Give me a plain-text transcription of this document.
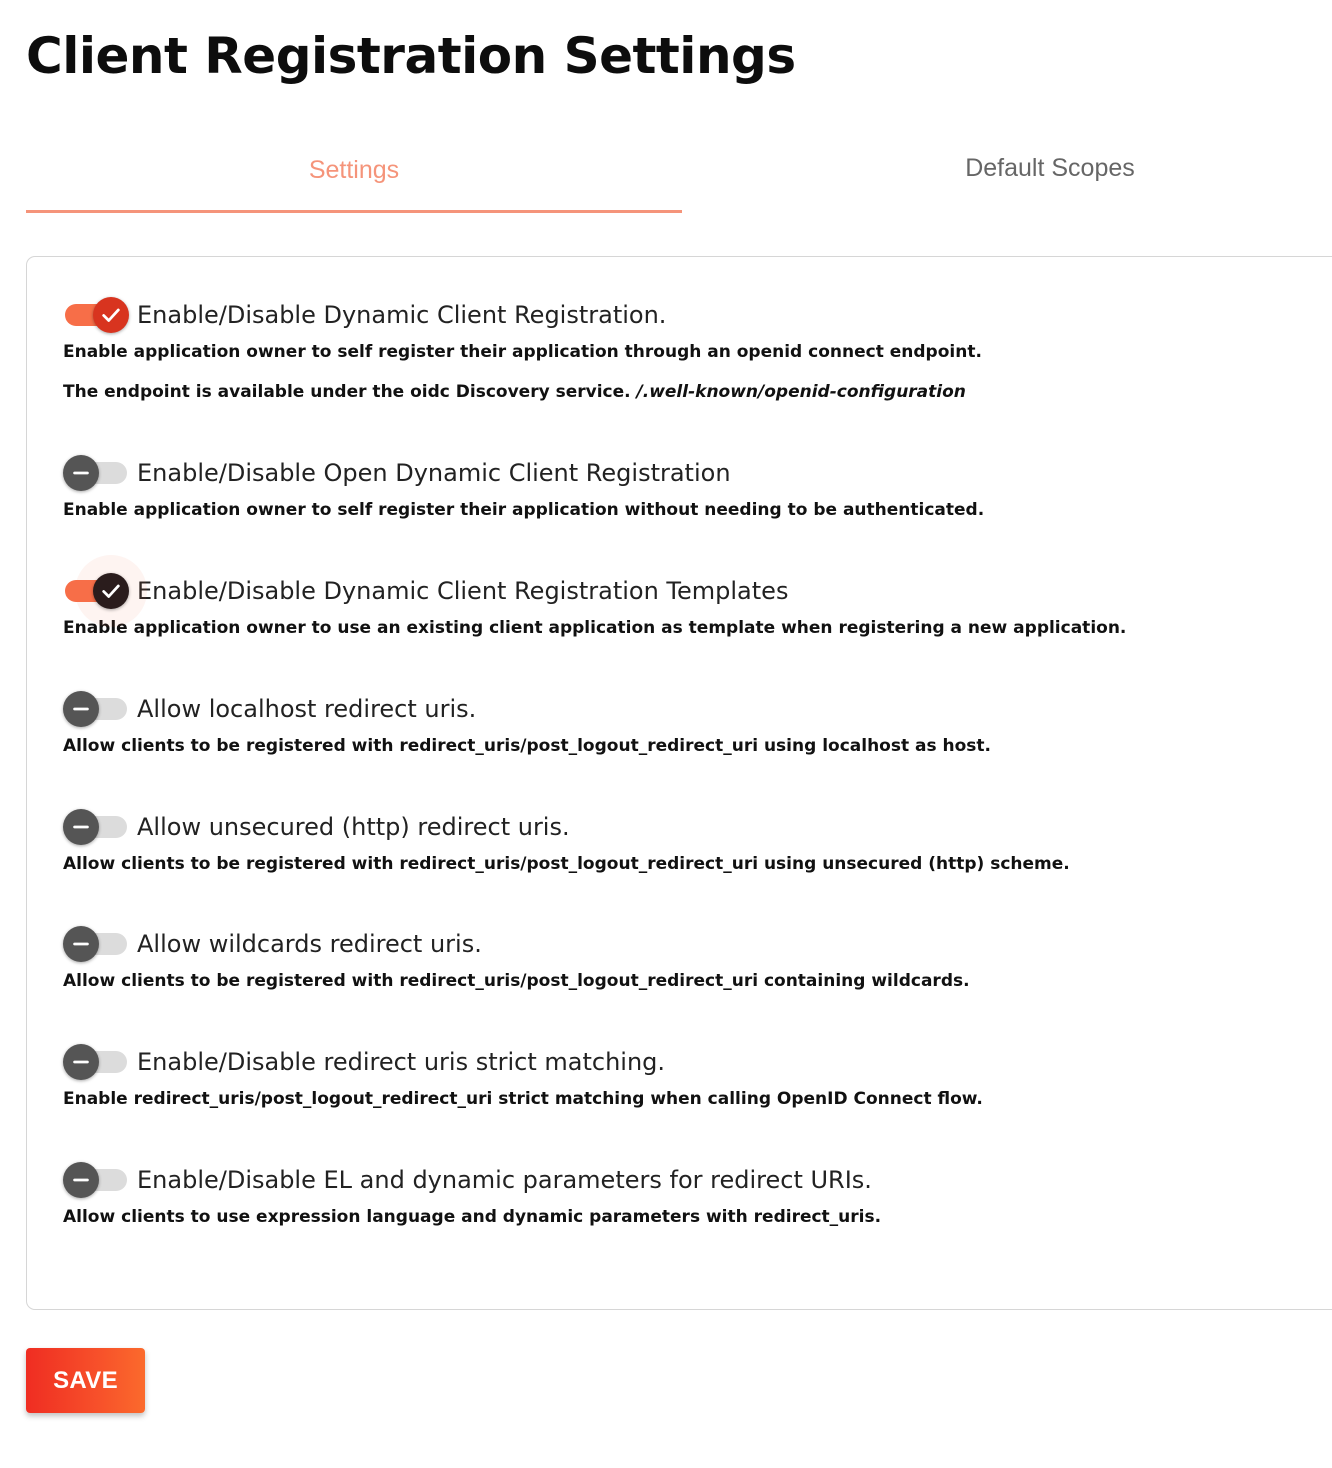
Client Registration Settings
Settings	Default Scopes
Enable/Disable Dynamic Client Registration.

Enable application owner to self register their application through an openid connect endpoint.

The endpoint is available under the oidc Discovery service. /.well-known/openid-configuration

Enable/Disable Open Dynamic Client Registration

Enable application owner to self register their application without needing to be authenticated.

Enable/Disable Dynamic Client Registration Templates

Enable application owner to use an existing client application as template when registering a new application.

Allow localhost redirect uris.

Allow clients to be registered with redirect_uris/post_logout_redirect_uri using localhost as host.

Allow unsecured (http) redirect uris.

Allow clients to be registered with redirect_uris/post_logout_redirect_uri using unsecured (http) scheme.

Allow wildcards redirect uris.

Allow clients to be registered with redirect_uris/post_logout_redirect_uri containing wildcards.

Enable/Disable redirect uris strict matching.

Enable redirect_uris/post_logout_redirect_uri strict matching when calling OpenID Connect flow.

Enable/Disable EL and dynamic parameters for redirect URIs.

Allow clients to use expression language and dynamic parameters with redirect_uris.

SAVE
